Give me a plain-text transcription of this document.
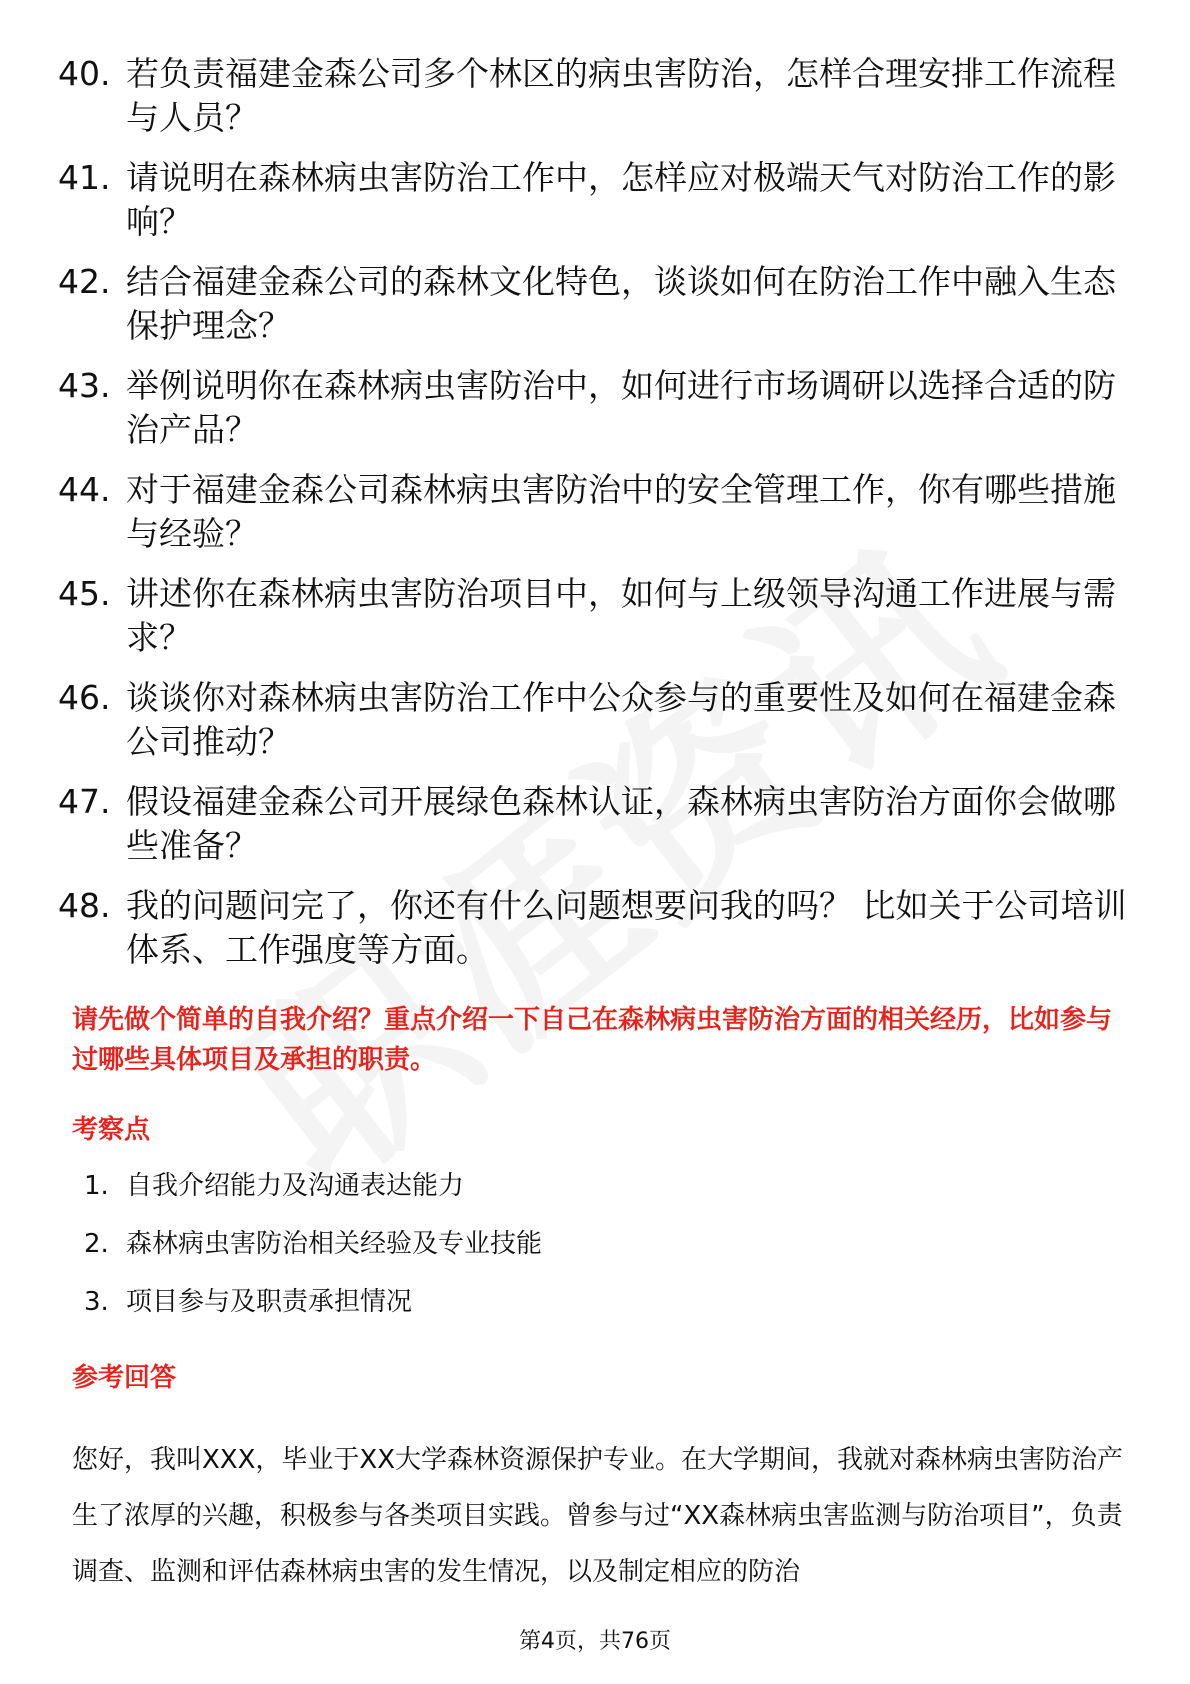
40. 若负责福建金森公司多个林区的病虫害防治，怎样合理安排工作流程与人员？
41. 请说明在森林病虫害防治工作中，怎样应对极端天气对防治工作的影响？
42. 结合福建金森公司的森林文化特色，谈谈如何在防治工作中融入生态保护理念？
43. 举例说明你在森林病虫害防治中，如何进行市场调研以选择合适的防治产品？
44. 对于福建金森公司森林病虫害防治中的安全管理工作，你有哪些措施与经验？
45. 讲述你在森林病虫害防治项目中，如何与上级领导沟通工作进展与需求？
46. 谈谈你对森林病虫害防治工作中公众参与的重要性及如何在福建金森公司推动？
47. 假设福建金森公司开展绿色森林认证，森林病虫害防治方面你会做哪些准备？
48. 我的问题问完了，你还有什么问题想要问我的吗？ 比如关于公司培训体系、工作强度等方面。
请先做个简单的自我介绍？重点介绍一下自己在森林病虫害防治方面的相关经历，比如参与过哪些具体项目及承担的职责。
考察点
1. 自我介绍能力及沟通表达能力
2. 森林病虫害防治相关经验及专业技能
3. 项目参与及职责承担情况
参考回答
您好，我叫XXX，毕业于XX大学森林资源保护专业。在大学期间，我就对森林病虫害防治产生了浓厚的兴趣，积极参与各类项目实践。曾参与过“XX森林病虫害监测与防治项目”，负责调查、监测和评估森林病虫害的发生情况，以及制定相应的防治
第4页，共76页
